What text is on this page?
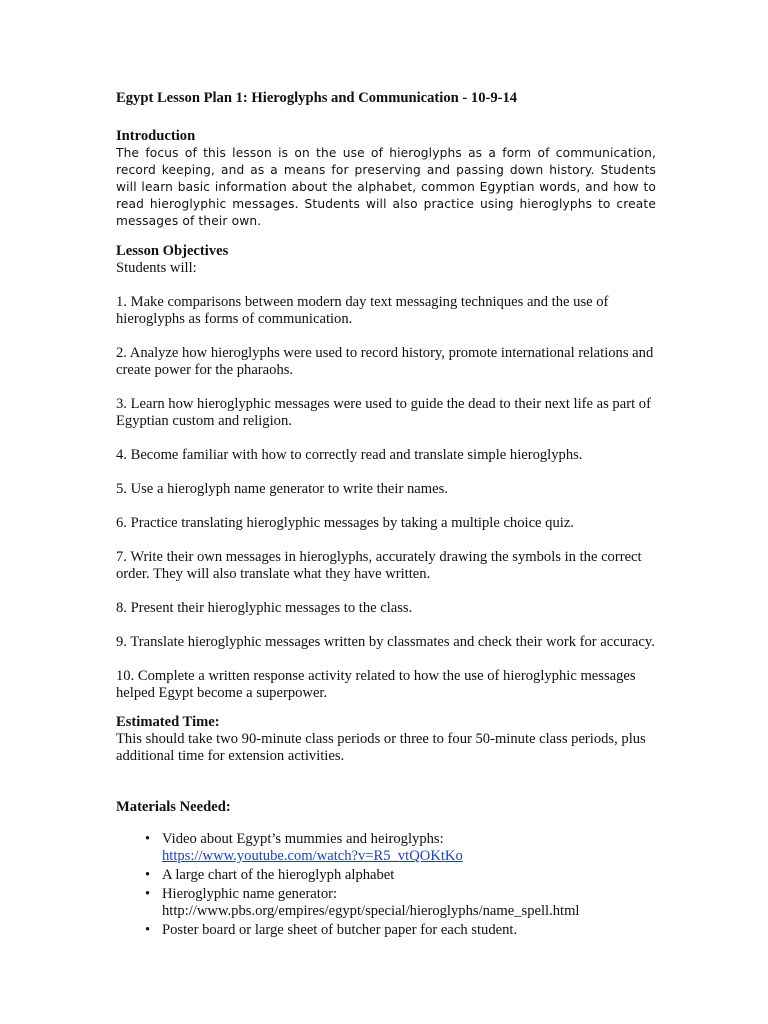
Egypt Lesson Plan 1: Hieroglyphs and Communication - 10-9-14

Introduction

The focus of this lesson is on the use of hieroglyphs as a form of communication, record keeping, and as a means for preserving and passing down history. Students will learn basic information about the alphabet, common Egyptian words, and how to read hieroglyphic messages. Students will also practice using hieroglyphs to create messages of their own.

Lesson Objectives

Students will:

1. Make comparisons between modern day text messaging techniques and the use of hieroglyphs as forms of communication.

2. Analyze how hieroglyphs were used to record history, promote international relations and create power for the pharaohs.

3. Learn how hieroglyphic messages were used to guide the dead to their next life as part of Egyptian custom and religion.

4. Become familiar with how to correctly read and translate simple hieroglyphs.

5. Use a hieroglyph name generator to write their names.

6. Practice translating hieroglyphic messages by taking a multiple choice quiz.

7. Write their own messages in hieroglyphs, accurately drawing the symbols in the correct order. They will also translate what they have written.

8. Present their hieroglyphic messages to the class.

9. Translate hieroglyphic messages written by classmates and check their work for accuracy.

10. Complete a written response activity related to how the use of hieroglyphic messages helped Egypt become a superpower.

Estimated Time:

This should take two 90-minute class periods or three to four 50-minute class periods, plus additional time for extension activities.

Materials Needed:

• Video about Egypt’s mummies and heiroglyphs:
https://www.youtube.com/watch?v=R5_vtQOKtKo
• A large chart of the hieroglyph alphabet
• Hieroglyphic name generator:
http://www.pbs.org/empires/egypt/special/hieroglyphs/name_spell.html
• Poster board or large sheet of butcher paper for each student.
